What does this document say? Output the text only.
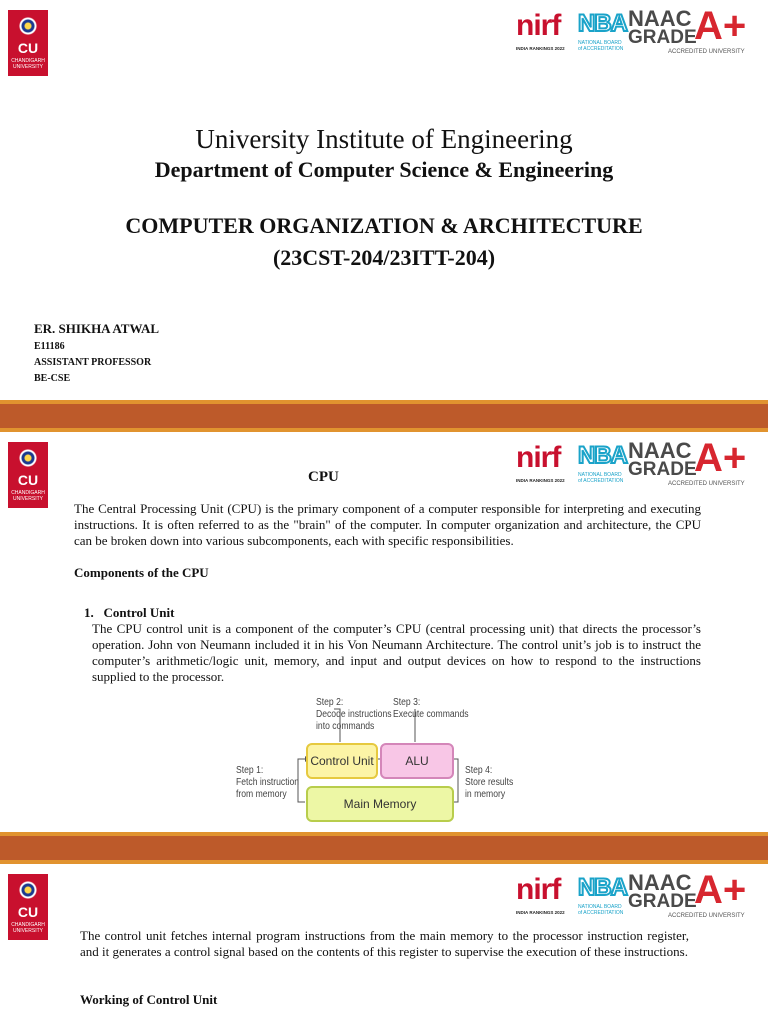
CU
CHANDIGARH UNIVERSITY
nirf
INDIA RANKINGS 2022
NBA
NATIONAL BOARD
of ACCREDITATION
NAAC
GRADE
A+
ACCREDITED UNIVERSITY
University Institute of Engineering
Department of Computer Science & Engineering
COMPUTER ORGANIZATION & ARCHITECTURE
(23CST-204/23ITT-204)
ER. SHIKHA ATWAL
E11186
ASSISTANT PROFESSOR
BE-CSE
CU
CHANDIGARH UNIVERSITY
nirf
INDIA RANKINGS 2022
NBA
NATIONAL BOARD
of ACCREDITATION
NAAC
GRADE
A+
ACCREDITED UNIVERSITY
CPU
The Central Processing Unit (CPU) is the primary component of a computer responsible for interpreting and executing instructions. It is often referred to as the "brain" of the computer. In computer organization and architecture, the CPU can be broken down into various subcomponents, each with specific responsibilities.
Components of the CPU
1.   Control Unit
The CPU control unit is a component of the computer’s CPU (central processing unit) that directs the processor’s operation. John von Neumann included it in his Von Neumann Architecture. The control unit’s job is to instruct the computer’s arithmetic/logic unit, memory, and input and output devices on how to respond to the instructions supplied to the processor.
Step 2:
Decode instructions
into commands
Step 3:
Execute commands
Step 1:
Fetch instruction
from memory
Step 4:
Store results
in memory
Control Unit	ALU
Main Memory
CU
CHANDIGARH UNIVERSITY
nirf
INDIA RANKINGS 2022
NBA
NATIONAL BOARD
of ACCREDITATION
NAAC
GRADE
A+
ACCREDITED UNIVERSITY
The control unit fetches internal program instructions from the main memory to the processor instruction register, and it generates a control signal based on the contents of this register to supervise the execution of these instructions.
Working of Control Unit
